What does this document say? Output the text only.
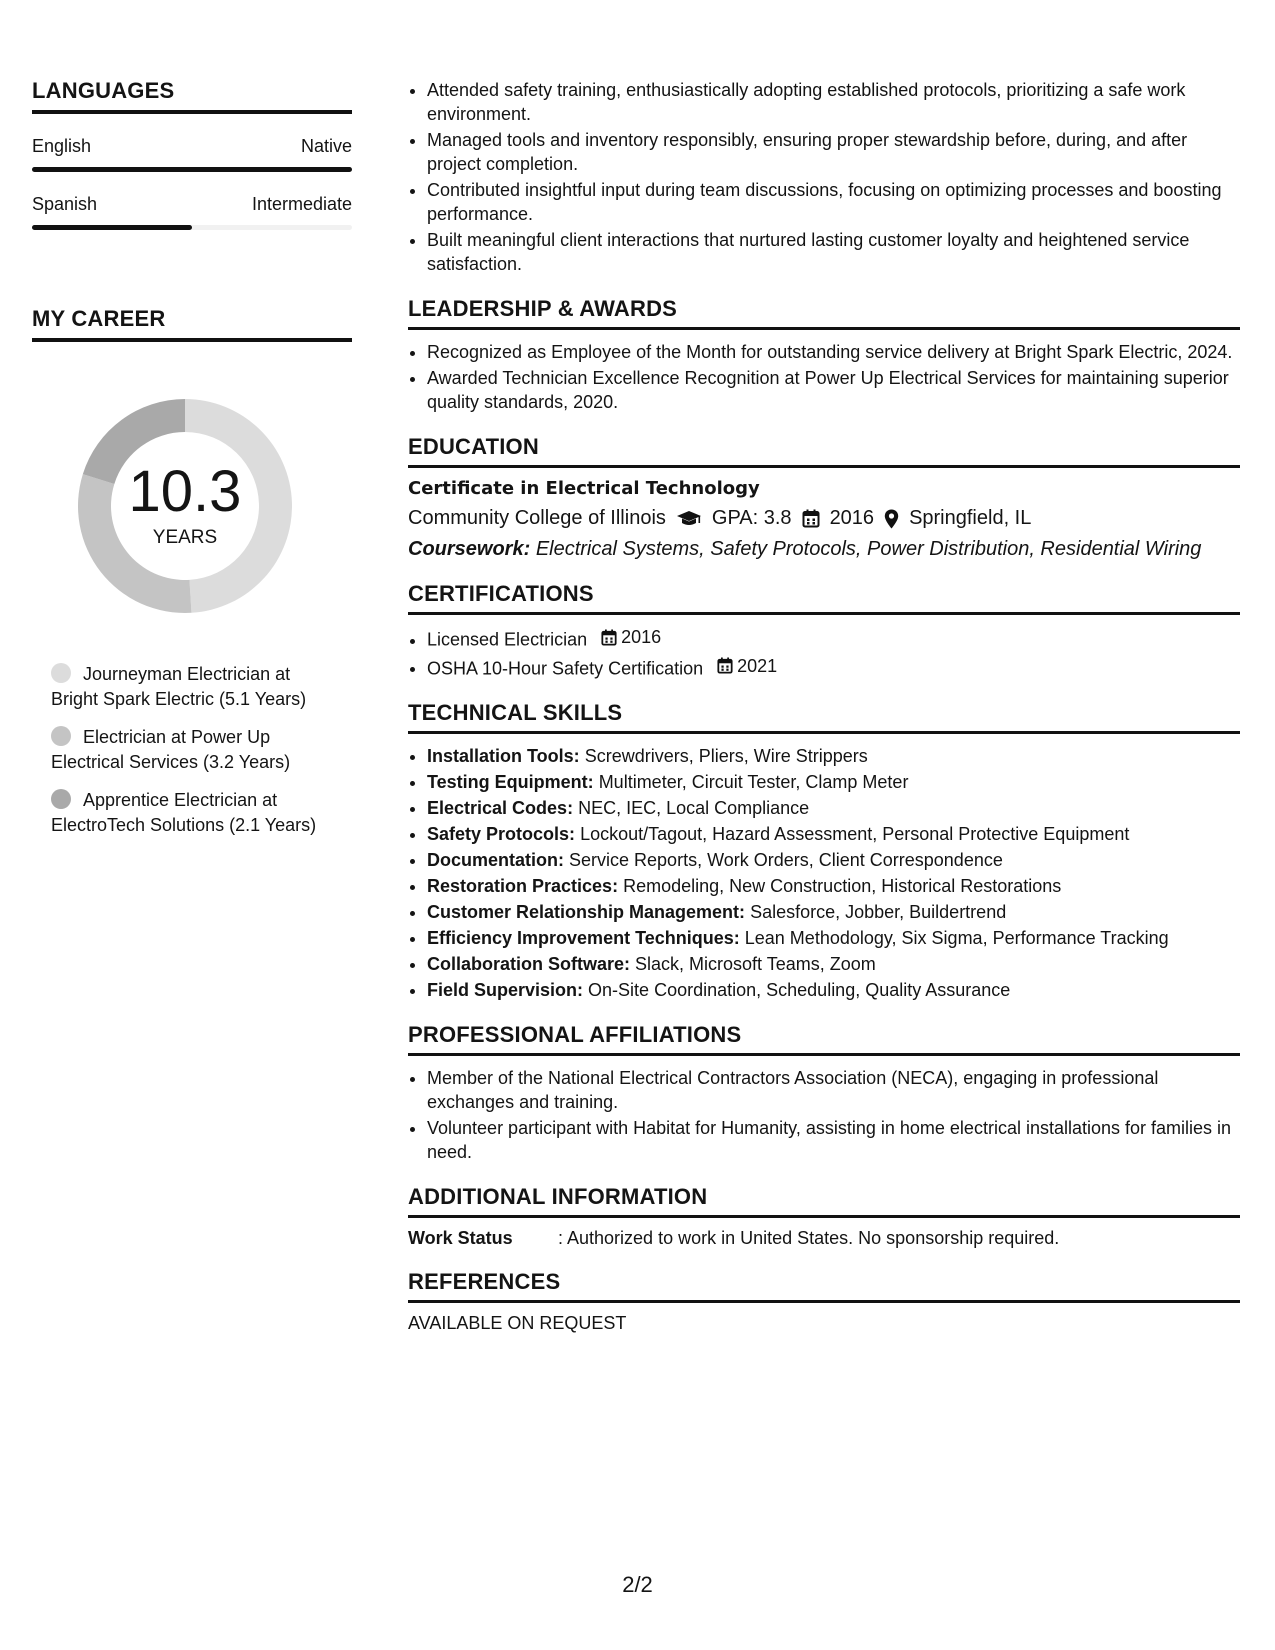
LANGUAGES
English	Native
Spanish	Intermediate
MY CAREER
10.3
YEARS
Journeyman Electrician at Bright Spark Electric (5.1 Years)
Electrician at Power Up Electrical Services (3.2 Years)
Apprentice Electrician at ElectroTech Solutions (2.1 Years)
• Attended safety training, enthusiastically adopting established protocols, prioritizing a safe work environment.
• Managed tools and inventory responsibly, ensuring proper stewardship before, during, and after project completion.
• Contributed insightful input during team discussions, focusing on optimizing processes and boosting performance.
• Built meaningful client interactions that nurtured lasting customer loyalty and heightened service satisfaction.
LEADERSHIP & AWARDS
• Recognized as Employee of the Month for outstanding service delivery at Bright Spark Electric, 2024.
• Awarded Technician Excellence Recognition at Power Up Electrical Services for maintaining superior quality standards, 2020.
EDUCATION
Certificate in Electrical Technology
Community College of Illinois GPA: 3.8 2016 Springfield, IL
Coursework: Electrical Systems, Safety Protocols, Power Distribution, Residential Wiring
CERTIFICATIONS
• Licensed Electrician 2016
• OSHA 10-Hour Safety Certification 2021
TECHNICAL SKILLS
• Installation Tools: Screwdrivers, Pliers, Wire Strippers
• Testing Equipment: Multimeter, Circuit Tester, Clamp Meter
• Electrical Codes: NEC, IEC, Local Compliance
• Safety Protocols: Lockout/Tagout, Hazard Assessment, Personal Protective Equipment
• Documentation: Service Reports, Work Orders, Client Correspondence
• Restoration Practices: Remodeling, New Construction, Historical Restorations
• Customer Relationship Management: Salesforce, Jobber, Buildertrend
• Efficiency Improvement Techniques: Lean Methodology, Six Sigma, Performance Tracking
• Collaboration Software: Slack, Microsoft Teams, Zoom
• Field Supervision: On-Site Coordination, Scheduling, Quality Assurance
PROFESSIONAL AFFILIATIONS
• Member of the National Electrical Contractors Association (NECA), engaging in professional exchanges and training.
• Volunteer participant with Habitat for Humanity, assisting in home electrical installations for families in need.
ADDITIONAL INFORMATION
Work Status	: Authorized to work in United States. No sponsorship required.
REFERENCES
AVAILABLE ON REQUEST
2/2
